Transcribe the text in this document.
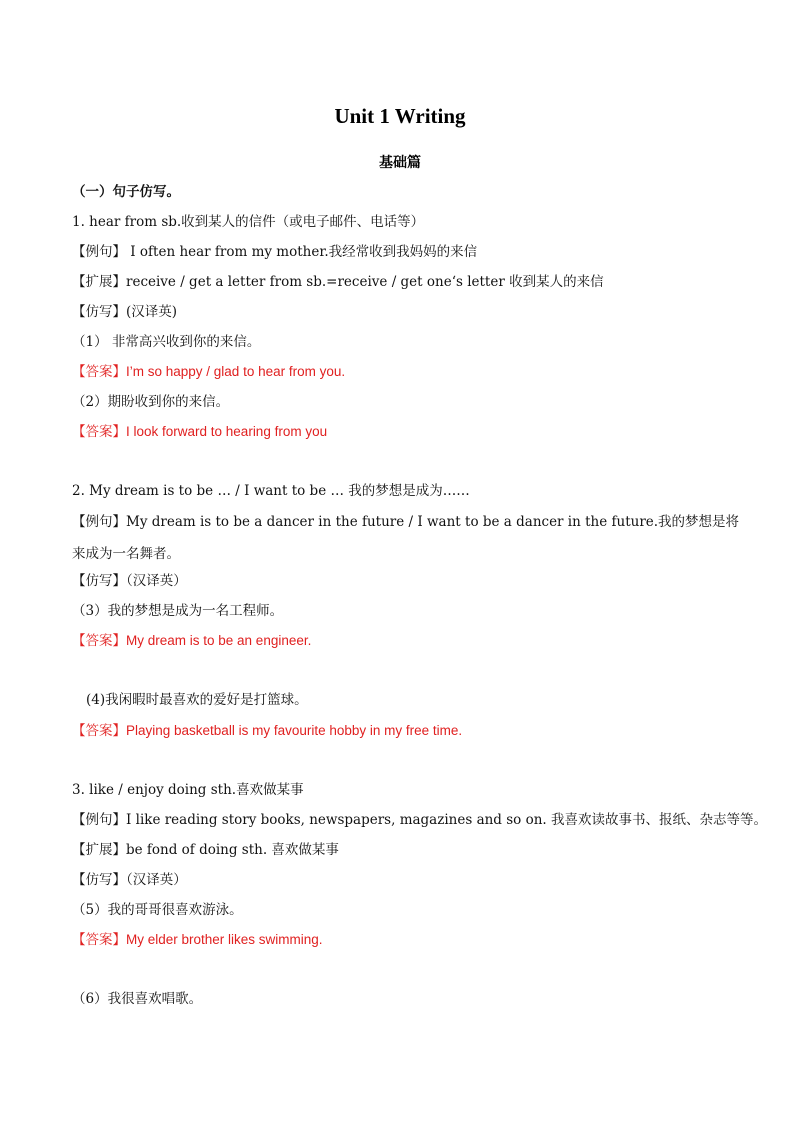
Unit 1 Writing
基础篇
（一）句子仿写。
1. hear from sb.收到某人的信件（或电子邮件、电话等）
【例句】 I often hear from my mother.我经常收到我妈妈的来信
【扩展】receive / get a letter from sb.=receive / get one‘s letter 收到某人的来信
【仿写】(汉译英)
（1） 非常高兴收到你的来信。
【答案】I’m so happy / glad to hear from you.
（2）期盼收到你的来信。
【答案】I look forward to hearing from you
2. My dream is to be … / I want to be … 我的梦想是成为……
【例句】My dream is to be a dancer in the future / I want to be a dancer in the future.我的梦想是将来成为一名舞者。
【仿写】（汉译英）
（3）我的梦想是成为一名工程师。
【答案】My dream is to be an engineer.
(4)我闲暇时最喜欢的爱好是打篮球。
【答案】Playing basketball is my favourite hobby in my free time.
3. like / enjoy doing sth.喜欢做某事
【例句】I like reading story books, newspapers, magazines and so on. 我喜欢读故事书、报纸、杂志等等。
【扩展】be fond of doing sth. 喜欢做某事
【仿写】（汉译英）
（5）我的哥哥很喜欢游泳。
【答案】My elder brother likes swimming.
（6）我很喜欢唱歌。
